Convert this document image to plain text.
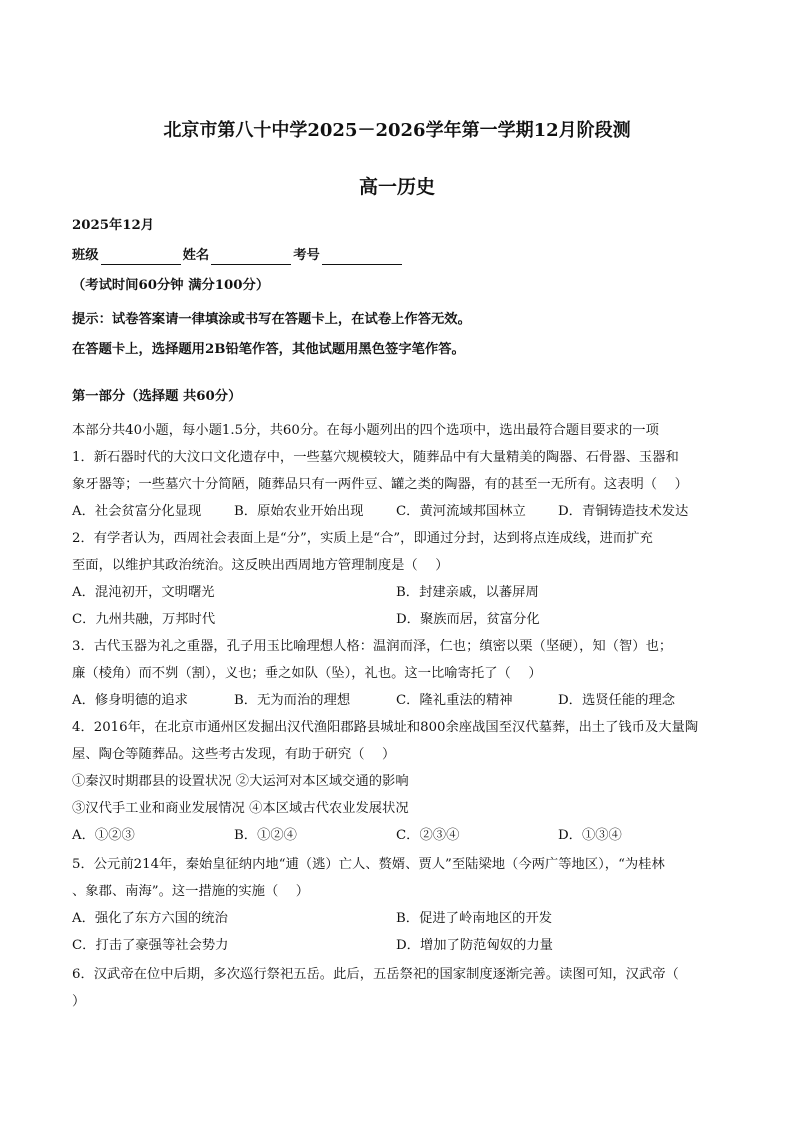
北京市第八十中学2025－2026学年第一学期12月阶段测
高一历史
2025年12月
班级	姓名	考号
（考试时间60分钟 满分100分）
提示：试卷答案请一律填涂或书写在答题卡上，在试卷上作答无效。
在答题卡上，选择题用2B铅笔作答，其他试题用黑色签字笔作答。
第一部分（选择题 共60分）
本部分共40小题，每小题1.5分，共60分。在每小题列出的四个选项中，选出最符合题目要求的一项
1．新石器时代的大汶口文化遗存中，一些墓穴规模较大，随葬品中有大量精美的陶器、石骨器、玉器和
象牙器等；一些墓穴十分简陋，随葬品只有一两件豆、罐之类的陶器，有的甚至一无所有。这表明（　 ）
A．社会贫富分化显现	B．原始农业开始出现	C．黄河流域邦国林立	D．青铜铸造技术发达
2．有学者认为，西周社会表面上是“分”，实质上是“合”，即通过分封，达到将点连成线，进而扩充
至面，以维护其政治统治。这反映出西周地方管理制度是（　 ）
A．混沌初开，文明曙光	B．封建亲戚，以蕃屏周
C．九州共融，万邦时代	D．聚族而居，贫富分化
3．古代玉器为礼之重器，孔子用玉比喻理想人格：温润而泽，仁也；缜密以栗（坚硬），知（智）也；
廉（棱角）而不刿（割），义也；垂之如队（坠），礼也。这一比喻寄托了（　 ）
A．修身明德的追求	B．无为而治的理想	C．隆礼重法的精神	D．选贤任能的理念
4．2016年，在北京市通州区发掘出汉代渔阳郡路县城址和800余座战国至汉代墓葬，出土了钱币及大量陶
屋、陶仓等随葬品。这些考古发现，有助于研究（　 ）
①秦汉时期郡县的设置状况 ②大运河对本区域交通的影响
③汉代手工业和商业发展情况 ④本区域古代农业发展状况
A．①②③	B．①②④	C．②③④	D．①③④
5．公元前214年，秦始皇征纳内地“逋（逃）亡人、赘婿、贾人”至陆梁地（今两广等地区），“为桂林
、象郡、南海”。这一措施的实施（　 ）
A．强化了东方六国的统治	B．促进了岭南地区的开发
C．打击了豪强等社会势力	D．增加了防范匈奴的力量
6．汉武帝在位中后期，多次巡行祭祀五岳。此后，五岳祭祀的国家制度逐渐完善。读图可知，汉武帝（
）
